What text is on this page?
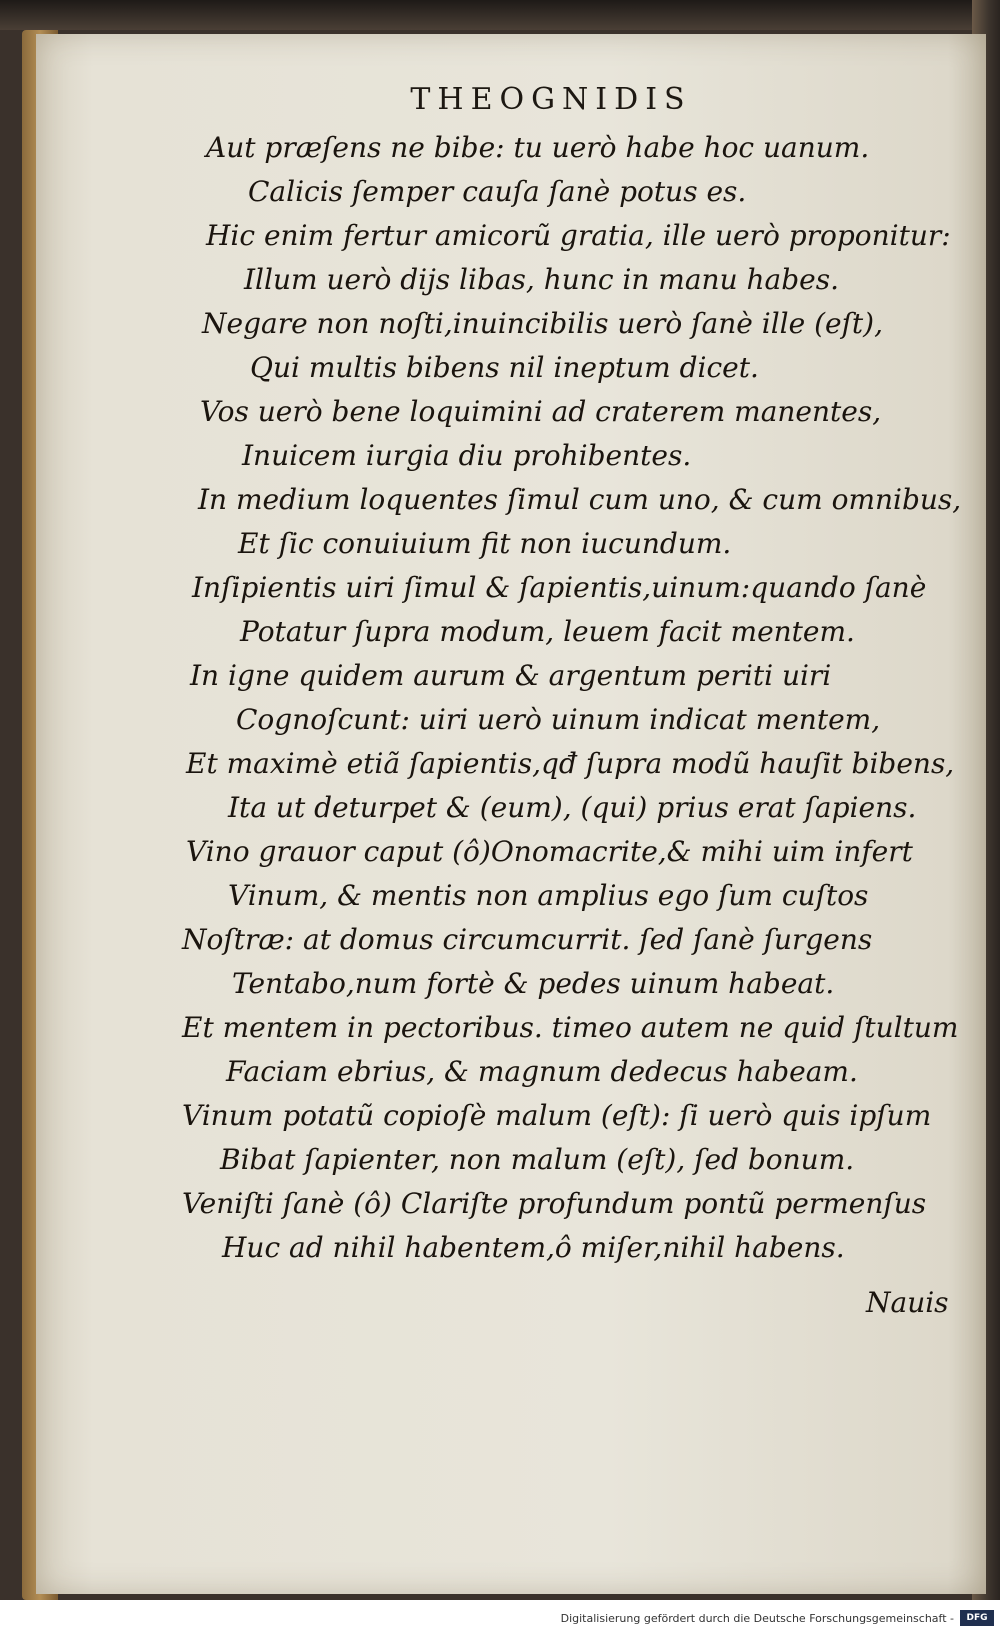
THEOGNIDIS
Aut præſens ne bibe: tu uerò habe hoc uanum.
Calicis ſemper cauſa ſanè potus es.
Hic enim fertur amicorũ gratia, ille uerò proponitur:
Illum uerò dijs libas, hunc in manu habes.
Negare non noſti,inuincibilis uerò ſanè ille (eſt),
Qui multis bibens nil ineptum dicet.
Vos uerò bene loquimini ad craterem manentes,
Inuicem iurgia diu prohibentes.
In medium loquentes ſimul cum uno, & cum omnibus,
Et ſic conuiuium fit non iucundum.
Inſipientis uiri ſimul & ſapientis,uinum:quando ſanè
Potatur ſupra modum, leuem facit mentem.
In igne quidem aurum & argentum periti uiri
Cognoſcunt: uiri uerò uinum indicat mentem,
Et maximè etiã ſapientis,qđ ſupra modũ hauſit bibens,
Ita ut deturpet & (eum), (qui) prius erat ſapiens.
Vino grauor caput (ô)Onomacrite,& mihi uim infert
Vinum, & mentis non amplius ego ſum cuſtos
Noſtræ: at domus circumcurrit. ſed ſanè ſurgens
Tentabo,num fortè & pedes uinum habeat.
Et mentem in pectoribus. timeo autem ne quid ſtultum
Faciam ebrius, & magnum dedecus habeam.
Vinum potatũ copioſè malum (eſt): ſi uerò quis ipſum
Bibat ſapienter, non malum (eſt), ſed bonum.
Veniſti ſanè (ô) Clariſte profundum pontũ permenſus
Huc ad nihil habentem,ô miſer,nihil habens.
Nauis
Digitalisierung gefördert durch die Deutsche Forschungsgemeinschaft -	DFG
